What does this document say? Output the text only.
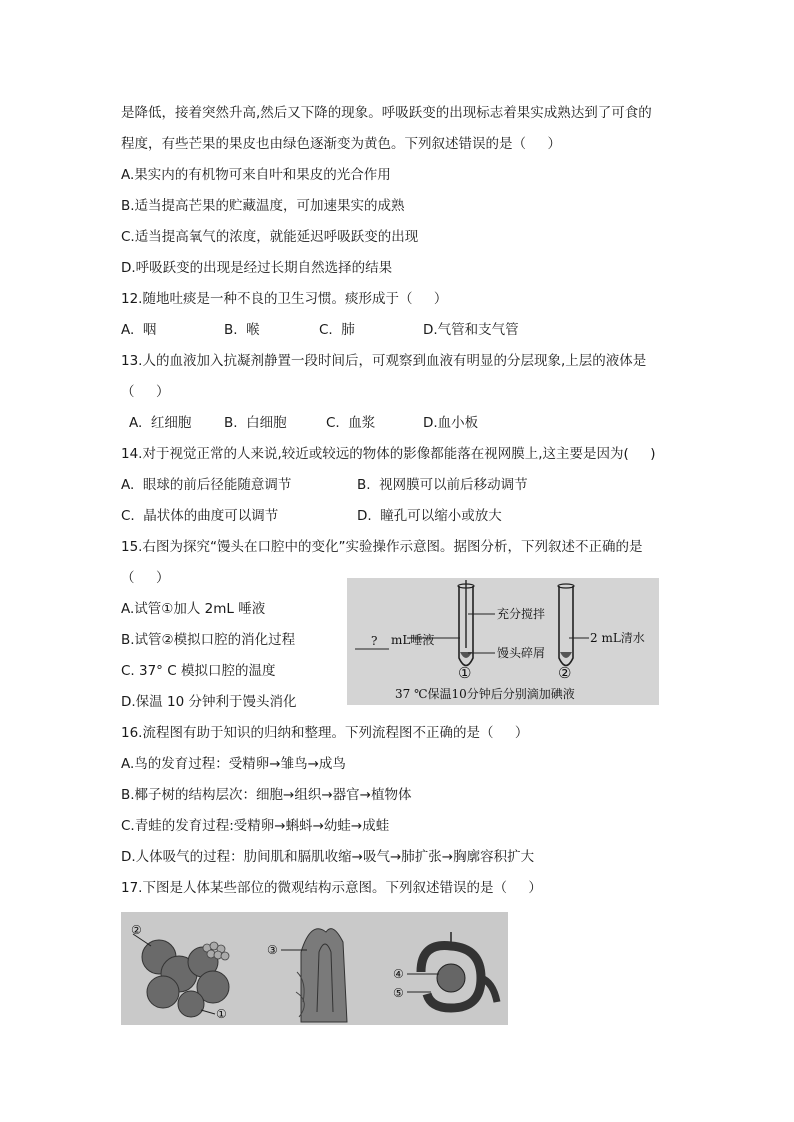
是降低，接着突然升高,然后又下降的现象。呼吸跃变的出现标志着果实成熟达到了可食的
程度，有些芒果的果皮也由绿色逐渐变为黄色。下列叙述错误的是（     ）
A.果实内的有机物可来自叶和果皮的光合作用
B.适当提高芒果的贮藏温度，可加速果实的成熟
C.适当提高氧气的浓度，就能延迟呼吸跃变的出现
D.呼吸跃变的出现是经过长期自然选择的结果
12.随地吐痰是一种不良的卫生习惯。痰形成于（     ）
A.  咽	B.  喉	C.  肺	D.气管和支气管
13.人的血液加入抗凝剂静置一段时间后，可观察到血液有明显的分层现象,上层的液体是
（     ）
A.  红细胞 B.  白细胞	C.  血浆	D.血小板
14.对于视觉正常的人来说,较近或较远的物体的影像都能落在视网膜上,这主要是因为(     )
A.  眼球的前后径能随意调节	B.  视网膜可以前后移动调节
C.  晶状体的曲度可以调节	D.  瞳孔可以缩小或放大
15.右图为探究“馒头在口腔中的变化”实验操作示意图。据图分析，下列叙述不正确的是
（     ）
A.试管①加人 2mL 唾液
B.试管②模拟口腔的消化过程
C. 37° C 模拟口腔的温度
D.保温 10 分钟利于馒头消化
充分搅拌
? mL唾液
馒头碎屑
2 mL清水
①	②
37 ℃保温10分钟后分别滴加碘液
16.流程图有助于知识的归纳和整理。下列流程图不正确的是（     ）
A.鸟的发育过程：受精卵→雏鸟→成鸟
B.椰子树的结构层次：细胞→组织→器官→植物体
C.青蛙的发育过程:受精卵→蝌蚪→幼蛙→成蛙
D.人体吸气的过程：肋间肌和膈肌收缩→吸气→肺扩张→胸廓容积扩大
17.下图是人体某些部位的微观结构示意图。下列叙述错误的是（     ）
②
①
③
④
⑤
